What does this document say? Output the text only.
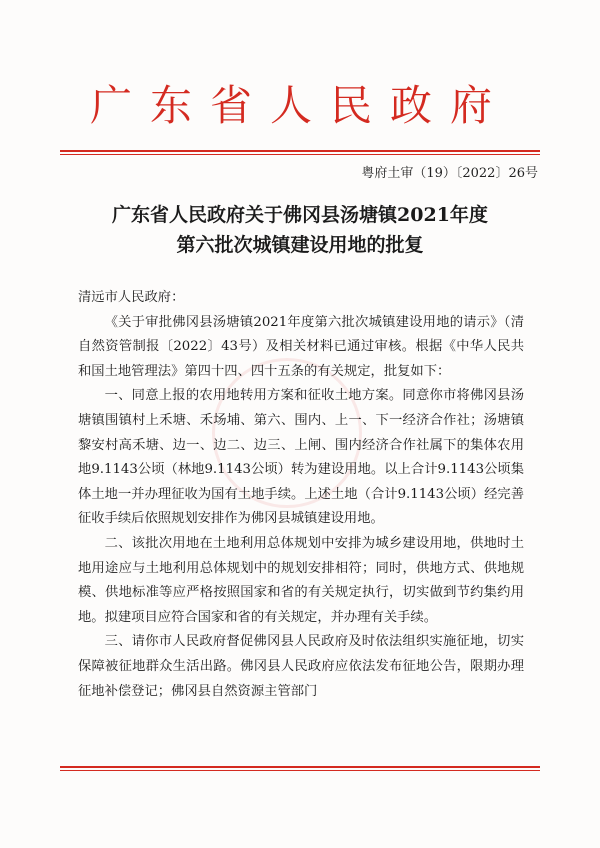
广东省人民政府
粤府土审（19）〔2022〕26号
广东省人民政府关于佛冈县汤塘镇2021年度
第六批次城镇建设用地的批复

清远市人民政府：

《关于审批佛冈县汤塘镇2021年度第六批次城镇建设用地的请示》（清自然资管制报〔2022〕43号）及相关材料已通过审核。根据《中华人民共和国土地管理法》第四十四、四十五条的有关规定，批复如下：

一、同意上报的农用地转用方案和征收土地方案。同意你市将佛冈县汤塘镇围镇村上禾塘、禾场埔、第六、围内、上一、下一经济合作社；汤塘镇黎安村高禾塘、边一、边二、边三、上闸、围内经济合作社属下的集体农用地9.1143公顷（林地9.1143公顷）转为建设用地。以上合计9.1143公顷集体土地一并办理征收为国有土地手续。上述土地（合计9.1143公顷）经完善征收手续后依照规划安排作为佛冈县城镇建设用地。

二、该批次用地在土地利用总体规划中安排为城乡建设用地，供地时土地用途应与土地利用总体规划中的规划安排相符；同时，供地方式、供地规模、供地标准等应严格按照国家和省的有关规定执行，切实做到节约集约用地。拟建项目应符合国家和省的有关规定，并办理有关手续。

三、请你市人民政府督促佛冈县人民政府及时依法组织实施征地，切实保障被征地群众生活出路。佛冈县人民政府应依法发布征地公告，限期办理征地补偿登记；佛冈县自然资源主管部门
